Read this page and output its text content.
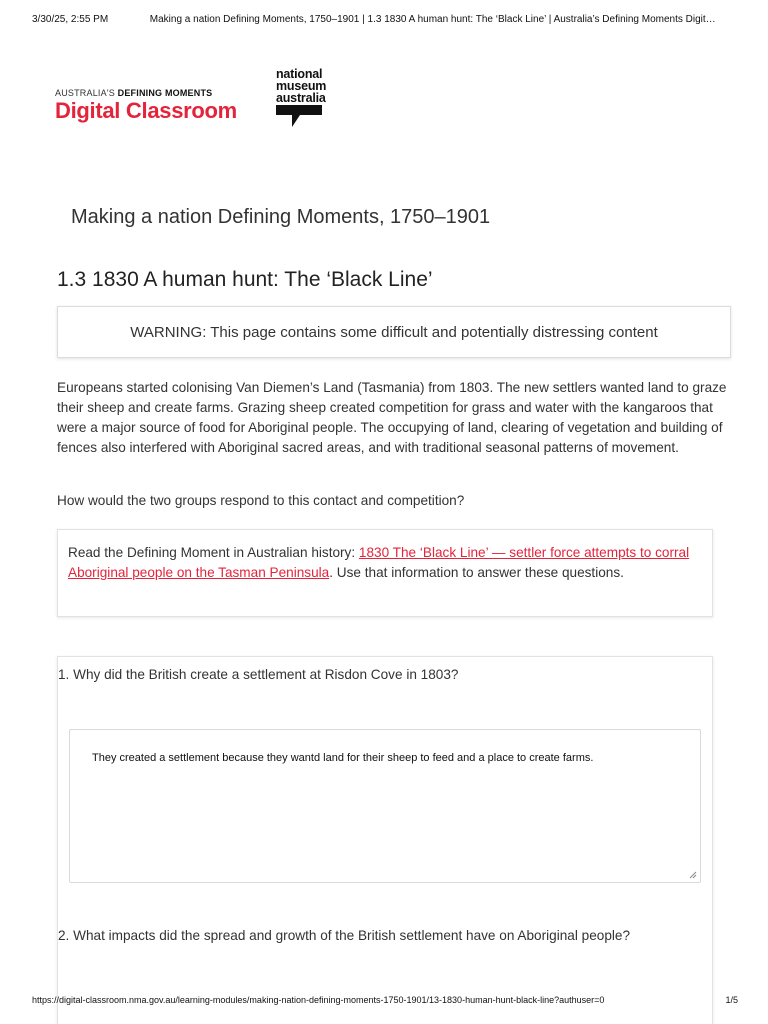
3/30/25, 2:55 PM	Making a nation Defining Moments, 1750–1901 | 1.3 1830 A human hunt: The ‘Black Line’ | Australia’s Defining Moments Digit…
AUSTRALIA'S DEFINING MOMENTS
Digital Classroom
national
museum
australia
Making a nation Defining Moments, 1750–1901
1.3 1830 A human hunt: The ‘Black Line’
WARNING: This page contains some difficult and potentially distressing content

Europeans started colonising Van Diemen’s Land (Tasmania) from 1803. The new settlers wanted land to graze their sheep and create farms. Grazing sheep created competition for grass and water with the kangaroos that were a major source of food for Aboriginal people. The occupying of land, clearing of vegetation and building of fences also interfered with Aboriginal sacred areas, and with traditional seasonal patterns of movement.

How would the two groups respond to this contact and competition?

Read the Defining Moment in Australian history: 1830 The ‘Black Line’ — settler force attempts to corral Aboriginal people on the Tasman Peninsula. Use that information to answer these questions.

1. Why did the British create a settlement at Risdon Cove in 1803?

They created a settlement because they wantd land for their sheep to feed and a place to create farms.

2. What impacts did the spread and growth of the British settlement have on Aboriginal people?

https://digital-classroom.nma.gov.au/learning-modules/making-nation-defining-moments-1750-1901/13-1830-human-hunt-black-line?authuser=0	1/5
